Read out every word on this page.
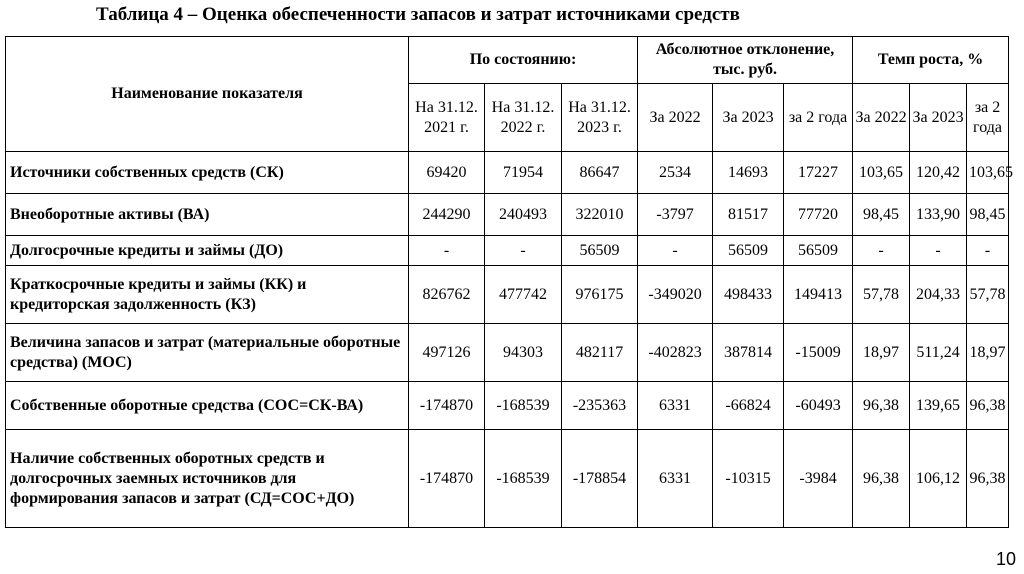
Таблица 4 – Оценка обеспеченности запасов и затрат источниками средств
Наименование показателя	По состоянию:			Абсолютное отклонение, тыс. руб.			Темп роста, %		
	На 31.12. 2021 г.	На 31.12. 2022 г.	На 31.12. 2023 г.	За 2022	За 2023	за 2 года	За 2022	За 2023	за 2 года
Источники собственных средств (СК)	69420	71954	86647	2534	14693	17227	103,65	120,42	103,65
Внеоборотные активы (ВА)	244290	240493	322010	-3797	81517	77720	98,45	133,90	98,45
Долгосрочные кредиты и займы (ДО)	-	-	56509	-	56509	56509	-	-	-
Краткосрочные кредиты и займы (КК) и кредиторская задолженность (КЗ)	826762	477742	976175	-349020	498433	149413	57,78	204,33	57,78
Величина запасов и затрат (материальные оборотные средства) (МОС)	497126	94303	482117	-402823	387814	-15009	18,97	511,24	18,97
Собственные оборотные средства (СОС=СК-ВА)	-174870	-168539	-235363	6331	-66824	-60493	96,38	139,65	96,38
Наличие собственных оборотных средств и долгосрочных заемных источников для формирования запасов и затрат (СД=СОС+ДО)	-174870	-168539	-178854	6331	-10315	-3984	96,38	106,12	96,38
10
